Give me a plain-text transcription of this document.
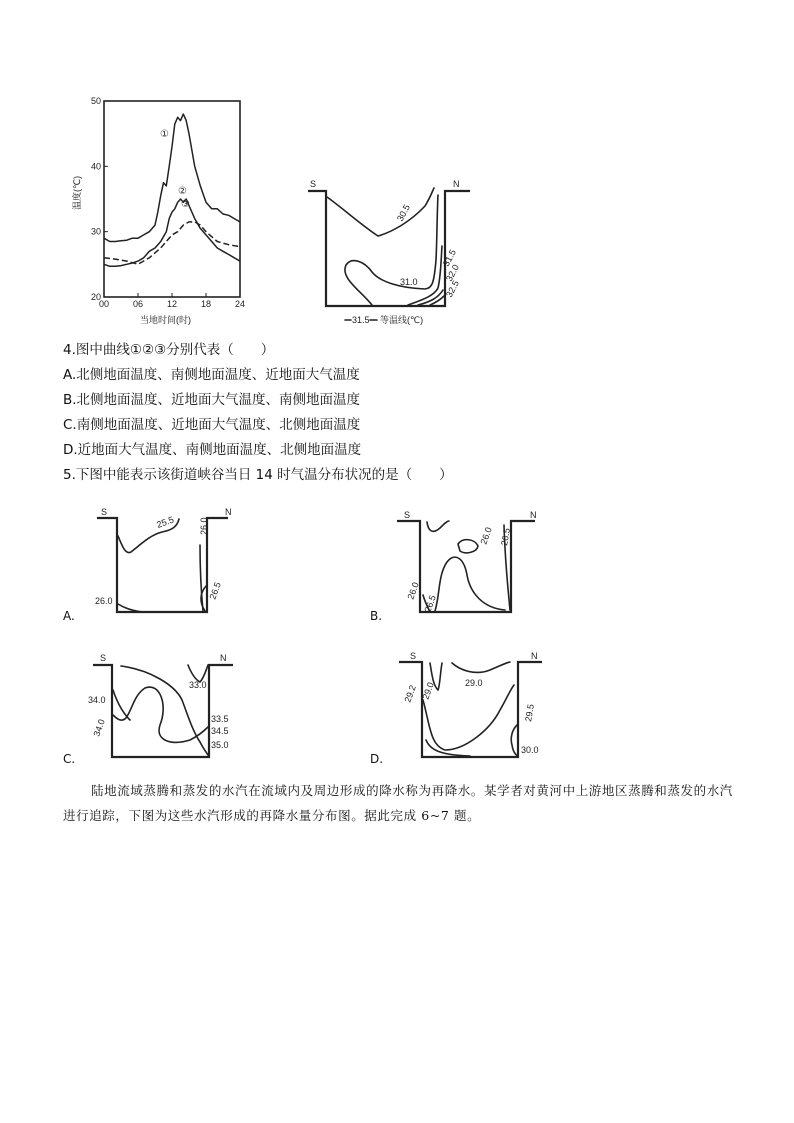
00	06	12	18	24
20
30
40
50
①
②
③
当地时间(时)
温度(℃)	S	N
30.5
31.0
31.5
32.0
32.5
31.5 等温线(℃)
4.图中曲线①②③分别代表（　　）
A.北侧地面温度、南侧地面温度、近地面大气温度
B.北侧地面温度、近地面大气温度、南侧地面温度
C.南侧地面温度、近地面大气温度、北侧地面温度
D.近地面大气温度、南侧地面温度、北侧地面温度
5.下图中能表示该街道峡谷当日 14 时气温分布状况的是（　　）
S	N
25.5	26.0
26.0
26.5
S	N
26.0
26.5
26.0 26.5
S	N
33.0
34.0
34.0	33.5
34.5
35.0
S	N
29.2 29.0	29.0
29.5
30.0
A.	B.
C.	D.
陆地流域蒸腾和蒸发的水汽在流域内及周边形成的降水称为再降水。某学者对黄河中上游地区蒸腾和蒸发的水汽进行追踪，下图为这些水汽形成的再降水量分布图。据此完成 6~7 题。
